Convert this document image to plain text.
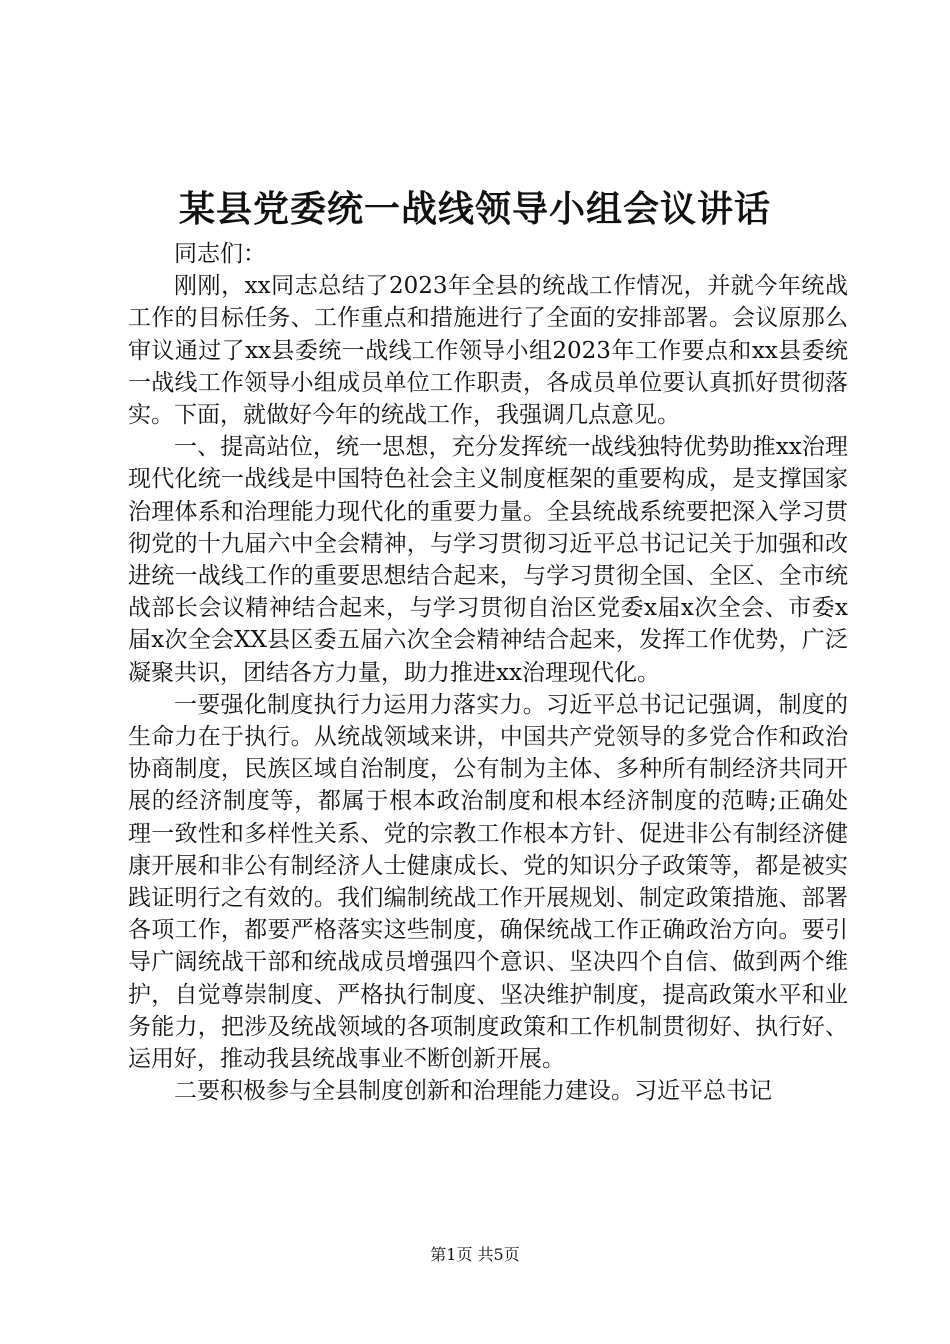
某县党委统一战线领导小组会议讲话

同志们：

刚刚，xx同志总结了2023年全县的统战工作情况，并就今年统战工作的目标任务、工作重点和措施进行了全面的安排部署。会议原那么审议通过了xx县委统一战线工作领导小组2023年工作要点和xx县委统一战线工作领导小组成员单位工作职责，各成员单位要认真抓好贯彻落实。下面，就做好今年的统战工作，我强调几点意见。

一、提高站位，统一思想，充分发挥统一战线独特优势助推xx治理现代化统一战线是中国特色社会主义制度框架的重要构成，是支撑国家治理体系和治理能力现代化的重要力量。全县统战系统要把深入学习贯彻党的十九届六中全会精神，与学习贯彻习近平总书记记关于加强和改进统一战线工作的重要思想结合起来，与学习贯彻全国、全区、全市统战部长会议精神结合起来，与学习贯彻自治区党委x届x次全会、市委x届x次全会XX县区委五届六次全会精神结合起来，发挥工作优势，广泛凝聚共识，团结各方力量，助力推进xx治理现代化。

一要强化制度执行力运用力落实力。习近平总书记记强调，制度的生命力在于执行。从统战领域来讲，中国共产党领导的多党合作和政治协商制度，民族区域自治制度，公有制为主体、多种所有制经济共同开展的经济制度等，都属于根本政治制度和根本经济制度的范畴;正确处理一致性和多样性关系、党的宗教工作根本方针、促进非公有制经济健康开展和非公有制经济人士健康成长、党的知识分子政策等，都是被实践证明行之有效的。我们编制统战工作开展规划、制定政策措施、部署各项工作，都要严格落实这些制度，确保统战工作正确政治方向。要引导广阔统战干部和统战成员增强四个意识、坚决四个自信、做到两个维护，自觉尊崇制度、严格执行制度、坚决维护制度，提高政策水平和业务能力，把涉及统战领域的各项制度政策和工作机制贯彻好、执行好、运用好，推动我县统战事业不断创新开展。

二要积极参与全县制度创新和治理能力建设。习近平总书记

第1页 共5页
